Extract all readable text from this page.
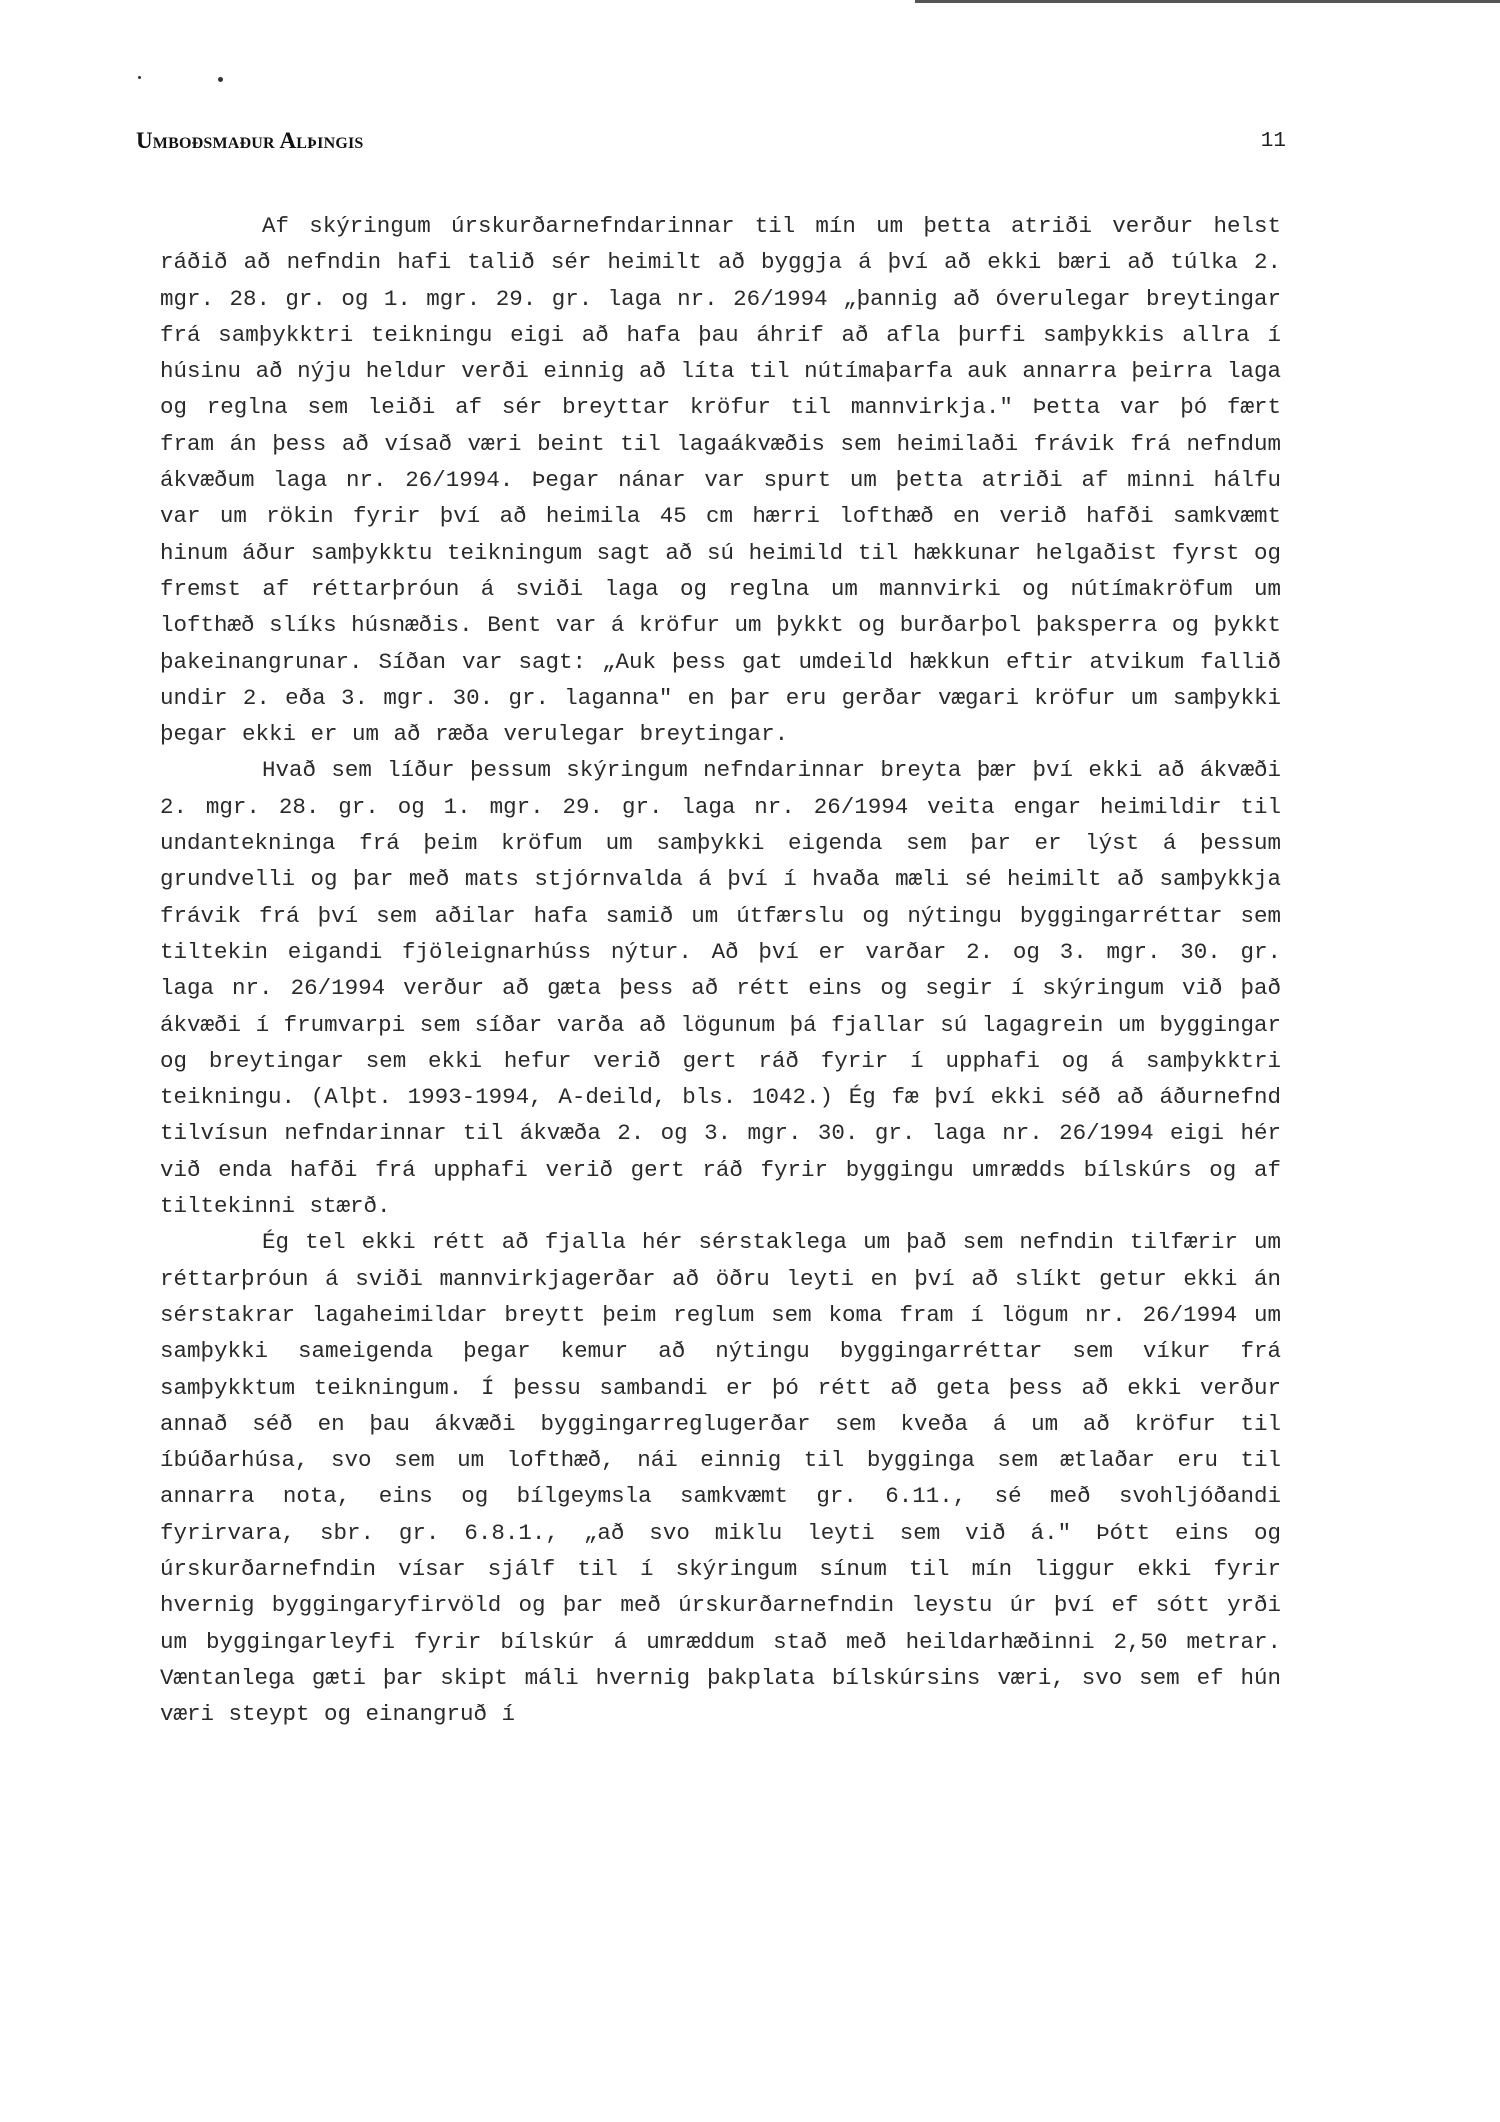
Umboðsmaður Alþingis	11

Af skýringum úrskurðarnefndarinnar til mín um þetta atriði verður helst ráðið að nefndin hafi talið sér heimilt að byggja á því að ekki bæri að túlka 2. mgr. 28. gr. og 1. mgr. 29. gr. laga nr. 26/1994 „þannig að óverulegar breytingar frá samþykktri teikningu eigi að hafa þau áhrif að afla þurfi samþykkis allra í húsinu að nýju heldur verði einnig að líta til nútímaþarfa auk annarra þeirra laga og reglna sem leiði af sér breyttar kröfur til mannvirkja." Þetta var þó fært fram án þess að vísað væri beint til lagaákvæðis sem heimilaði frávik frá nefndum ákvæðum laga nr. 26/1994. Þegar nánar var spurt um þetta atriði af minni hálfu var um rökin fyrir því að heimila 45 cm hærri lofthæð en verið hafði samkvæmt hinum áður samþykktu teikningum sagt að sú heimild til hækkunar helgaðist fyrst og fremst af réttarþróun á sviði laga og reglna um mannvirki og nútímakröfum um lofthæð slíks húsnæðis. Bent var á kröfur um þykkt og burðarþol þaksperra og þykkt þakeinangrunar. Síðan var sagt: „Auk þess gat umdeild hækkun eftir atvikum fallið undir 2. eða 3. mgr. 30. gr. laganna" en þar eru gerðar vægari kröfur um samþykki þegar ekki er um að ræða verulegar breytingar.

Hvað sem líður þessum skýringum nefndarinnar breyta þær því ekki að ákvæði 2. mgr. 28. gr. og 1. mgr. 29. gr. laga nr. 26/1994 veita engar heimildir til undantekninga frá þeim kröfum um samþykki eigenda sem þar er lýst á þessum grundvelli og þar með mats stjórnvalda á því í hvaða mæli sé heimilt að samþykkja frávik frá því sem aðilar hafa samið um útfærslu og nýtingu byggingarréttar sem tiltekin eigandi fjöleignarhúss nýtur. Að því er varðar 2. og 3. mgr. 30. gr. laga nr. 26/1994 verður að gæta þess að rétt eins og segir í skýringum við það ákvæði í frumvarpi sem síðar varða að lögunum þá fjallar sú lagagrein um byggingar og breytingar sem ekki hefur verið gert ráð fyrir í upphafi og á samþykktri teikningu. (Alþt. 1993-1994, A-deild, bls. 1042.) Ég fæ því ekki séð að áðurnefnd tilvísun nefndarinnar til ákvæða 2. og 3. mgr. 30. gr. laga nr. 26/1994 eigi hér við enda hafði frá upphafi verið gert ráð fyrir byggingu umrædds bílskúrs og af tiltekinni stærð.

Ég tel ekki rétt að fjalla hér sérstaklega um það sem nefndin tilfærir um réttarþróun á sviði mannvirkjagerðar að öðru leyti en því að slíkt getur ekki án sérstakrar lagaheimildar breytt þeim reglum sem koma fram í lögum nr. 26/1994 um samþykki sameigenda þegar kemur að nýtingu byggingarréttar sem víkur frá samþykktum teikningum. Í þessu sambandi er þó rétt að geta þess að ekki verður annað séð en þau ákvæði byggingarreglugerðar sem kveða á um að kröfur til íbúðarhúsa, svo sem um lofthæð, nái einnig til bygginga sem ætlaðar eru til annarra nota, eins og bílgeymsla samkvæmt gr. 6.11., sé með svohljóðandi fyrirvara, sbr. gr. 6.8.1., „að svo miklu leyti sem við á." Þótt eins og úrskurðarnefndin vísar sjálf til í skýringum sínum til mín liggur ekki fyrir hvernig byggingaryfirvöld og þar með úrskurðarnefndin leystu úr því ef sótt yrði um byggingarleyfi fyrir bílskúr á umræddum stað með heildarhæðinni 2,50 metrar. Væntanlega gæti þar skipt máli hvernig þakplata bílskúrsins væri, svo sem ef hún væri steypt og einangruð í
